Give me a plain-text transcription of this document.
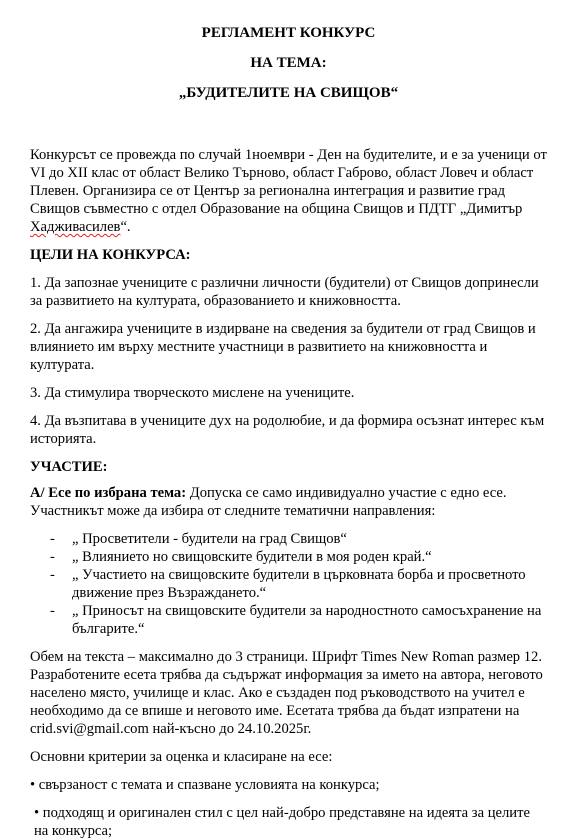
РЕГЛАМЕНТ КОНКУРС

НА ТЕМА:

„БУДИТЕЛИТЕ НА СВИЩОВ“

Конкурсът се провежда по случай 1ноември - Ден на будителите, и е за ученици от VI до XII клас от област Велико Търново, област Габрово, област Ловеч и област Плевен. Организира се от Център за регионална интеграция и развитие град Свищов съвместно с отдел Образование на община Свищов и ПДТГ „Димитър Хадживасилев“.

ЦЕЛИ НА КОНКУРСА:

1. Да запознае учениците с различни личности (будители) от Свищов допринесли за развитието на културата, образованието и книжовността.

2. Да ангажира учениците в издирване на сведения за будители от град Свищов и влиянието им върху местните участници в развитието на книжовността и културата.

3. Да стимулира творческото мислене на учениците.

4. Да възпитава в учениците дух на родолюбие, и да формира осъзнат интерес към историята.

УЧАСТИЕ:

А/ Есе по избрана тема: Допуска се само индивидуално участие с едно есе. Участникът може да избира от следните тематични направления:

- „ Просветители - будители на град Свищов“
- „ Влиянието но свищовските будители в моя роден край.“
- „ Участието на свищовските будители в църковната борба и просветното движение през Възраждането.“
- „ Приносът на свищовските будители за народностното самосъхранение на българите.“

Обем на текста – максимално до 3 страници. Шрифт Times New Roman размер 12. Разработените есета трябва да съдържат информация за името на автора, неговото населено място, училище и клас. Ако е създаден под ръководството на учител е необходимо да се впише и неговото име. Есетата трябва да бъдат изпратени на crid.svi@gmail.com най-късно до 24.10.2025г.

Основни критерии за оценка и класиране на есе:

• свързаност с темата и спазване условията на конкурса;

• подходящ и оригинален стил с цел най-добро представяне на идеята за целите на конкурса;
